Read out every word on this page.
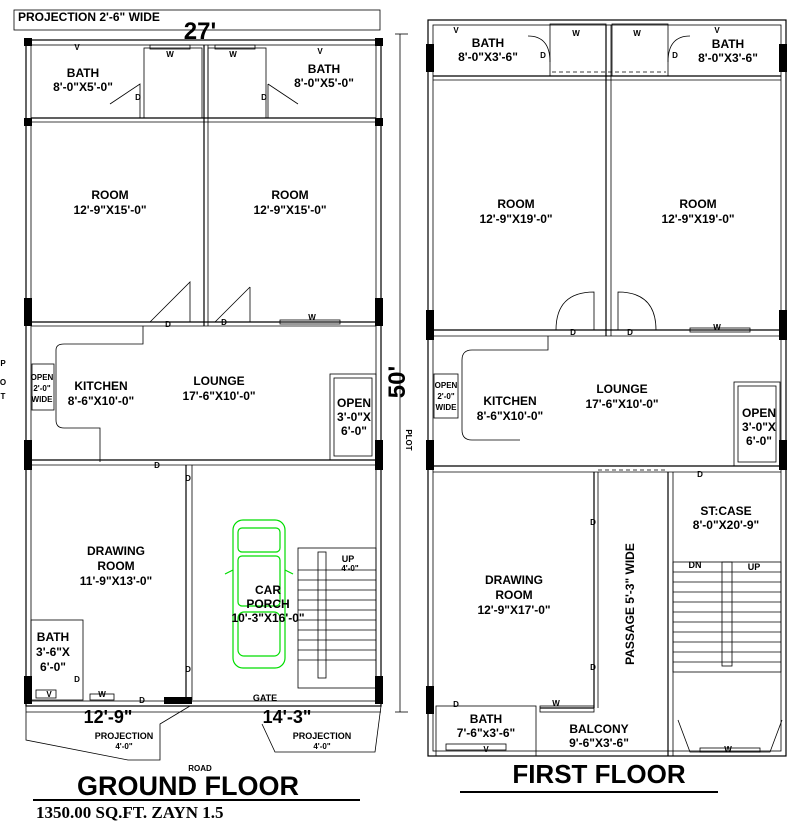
PROJECTION 2'-6" WIDE
27'
50'
PLOT
P
O
T
BATH
8'-0"X5'-0"
BATH
8'-0"X5'-0"
ROOM
12'-9"X15'-0"
ROOM
12'-9"X15'-0"
OPEN
2'-0"
WIDE
KITCHEN
8'-6"X10'-0"
LOUNGE
17'-6"X10'-0"	OPEN
3'-0"X
6'-0"
DRAWING
ROOM
11'-9"X13'-0"
BATH
3'-6"X
6'-0"
CAR
PORCH
10'-3"X16'-0"
UP
4'-0"
GATE
12'-9"	14'-3"
PROJECTION
4'-0"
PROJECTION
4'-0"
ROAD
GROUND FLOOR
1350.00 SQ.FT. ZAYN 1.5
V
W	W	V
D	D
D	D
W
D
D
D
D
V	W
D
BATH
8'-0"X3'-6"
BATH
8'-0"X3'-6"
ROOM
12'-9"X19'-0"
ROOM
12'-9"X19'-0"
OPEN
2'-0"
WIDE KITCHEN
8'-6"X10'-0"
LOUNGE
17'-6"X10'-0"
OPEN
3'-0"X
6'-0"
ST:CASE
8'-0"X20'-9"
DN	UP
DRAWING
ROOM
12'-9"X17'-0"	PASSAGE 5'-3" WIDE
BATH
7'-6"x3'-6"	BALCONY
9'-6"X3'-6"
FIRST FLOOR
V	W	W	V
D	D
D	D
W
D
D
D
D	W
V	W
